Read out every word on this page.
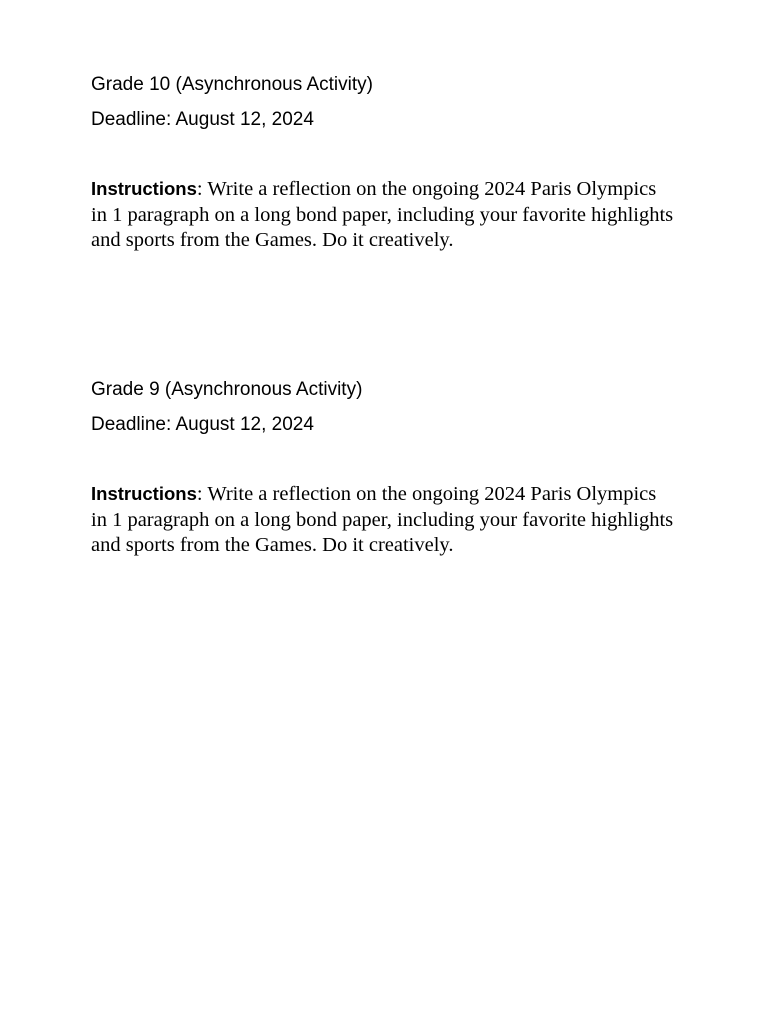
Grade 10 (Asynchronous Activity)

Deadline: August 12, 2024

Instructions: Write a reflection on the ongoing 2024 Paris Olympics in 1 paragraph on a long bond paper, including your favorite highlights and sports from the Games. Do it creatively.

Grade 9 (Asynchronous Activity)

Deadline: August 12, 2024

Instructions: Write a reflection on the ongoing 2024 Paris Olympics in 1 paragraph on a long bond paper, including your favorite highlights and sports from the Games. Do it creatively.
